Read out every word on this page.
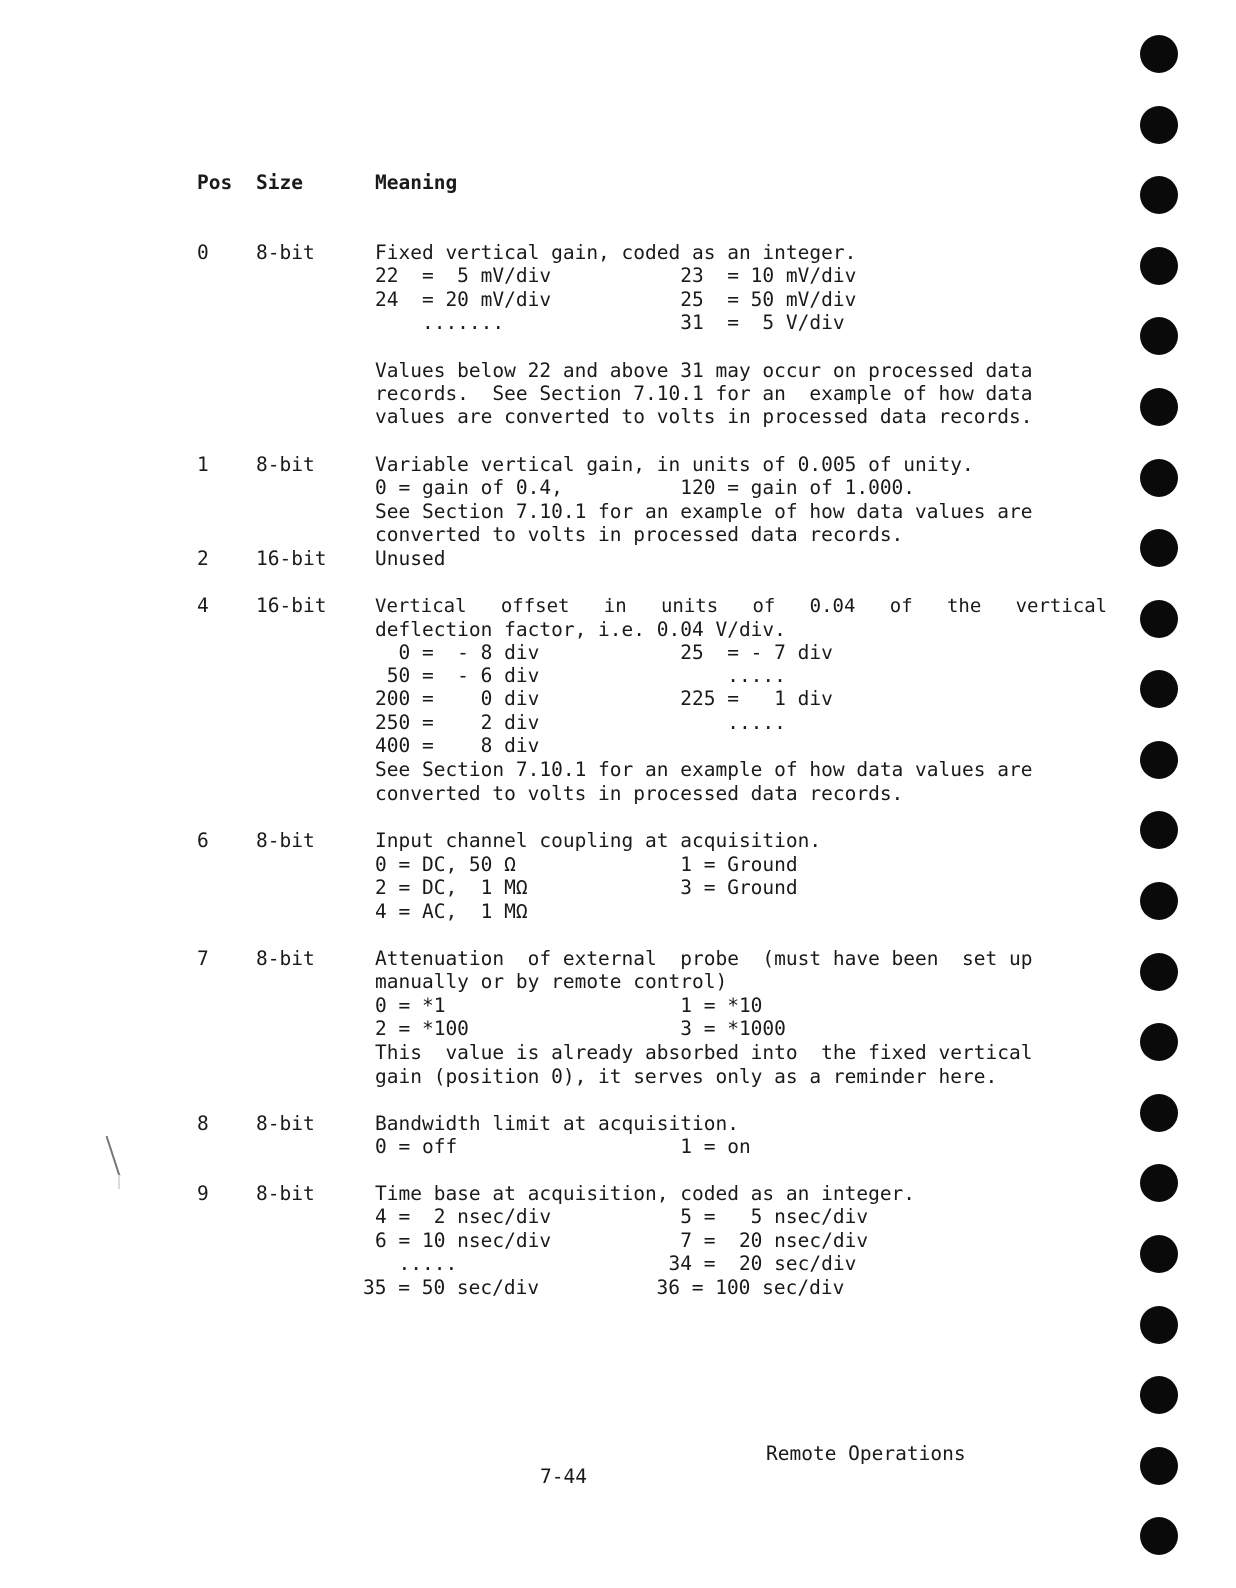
Pos Size	Meaning
0 8-bit	Fixed vertical gain, coded as an integer.
22  =  5 mV/div           23  = 10 mV/div
24  = 20 mV/div           25  = 50 mV/div
.......               31  =  5 V/div
Values below 22 and above 31 may occur on processed data
records.  See Section 7.10.1 for an  example of how data
values are converted to volts in processed data records.
1 8-bit	Variable vertical gain, in units of 0.005 of unity.
0 = gain of 0.4,          120 = gain of 1.000.
See Section 7.10.1 for an example of how data values are
converted to volts in processed data records.
2 16-bit Unused
4 16-bit	Vertical   offset   in   units   of   0.04   of   the   vertical
deflection factor, i.e. 0.04 V/div.
0 =  - 8 div            25  = - 7 div
50 =  - 6 div                .....
200 =    0 div            225 =   1 div
250 =    2 div                .....
400 =    8 div
See Section 7.10.1 for an example of how data values are
converted to volts in processed data records.
6 8-bit	Input channel coupling at acquisition.
0 = DC, 50 Ω              1 = Ground
2 = DC,  1 MΩ             3 = Ground
4 = AC,  1 MΩ
7 8-bit	Attenuation  of external  probe  (must have been  set up
manually or by remote control)
0 = *1                    1 = *10
2 = *100                  3 = *1000
This  value is already absorbed into  the fixed vertical
gain (position 0), it serves only as a reminder here.
8 8-bit	Bandwidth limit at acquisition.
0 = off                   1 = on
9 8-bit	Time base at acquisition, coded as an integer.
4 =  2 nsec/div           5 =   5 nsec/div
6 = 10 nsec/div           7 =  20 nsec/div
.....                  34 =  20 sec/div
35 = 50 sec/div          36 = 100 sec/div
Remote Operations
7-44
